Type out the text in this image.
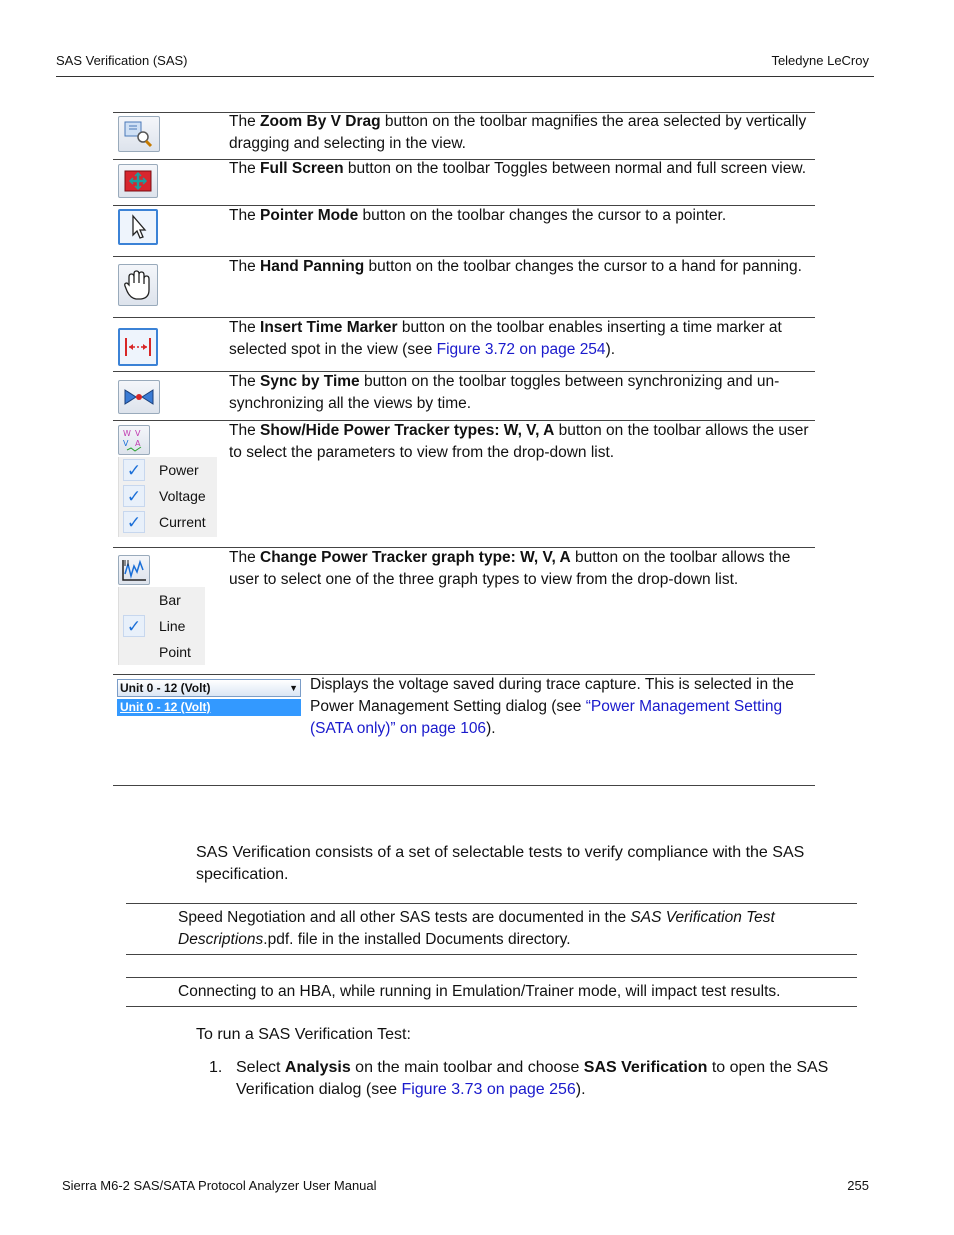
SAS Verification (SAS)	Teledyne LeCroy
The Zoom By V Drag button on the toolbar magnifies the area selected by vertically dragging and selecting in the view.
The Full Screen button on the toolbar Toggles between normal and full screen view.
The Pointer Mode button on the toolbar changes the cursor to a pointer.
The Hand Panning button on the toolbar changes the cursor to a hand for panning.
The Insert Time Marker button on the toolbar enables inserting a time marker at selected spot in the view (see Figure 3.72 on page 254).
The Sync by Time button on the toolbar toggles between synchronizing and un-synchronizing all the views by time.
W V
V A
✓ Power
✓ Voltage
✓ Current
The Show/Hide Power Tracker types: W, V, A button on the toolbar allows the user to select the parameters to view from the drop-down list.
Bar
✓ Line
Point
The Change Power Tracker graph type: W, V, A button on the toolbar allows the user to select one of the three graph types to view from the drop-down list.
Unit 0 - 12 (Volt)	▼
Unit 0 - 12 (Volt)
Displays the voltage saved during trace capture. This is selected in the Power Management Setting dialog (see “Power Management Setting (SATA only)” on page 106).
SAS Verification consists of a set of selectable tests to verify compliance with the SAS specification.
Speed Negotiation and all other SAS tests are documented in the SAS Verification Test Descriptions.pdf. file in the installed Documents directory.
Connecting to an HBA, while running in Emulation/Trainer mode, will impact test results.
To run a SAS Verification Test:
1. Select Analysis on the main toolbar and choose SAS Verification to open the SAS Verification dialog (see Figure 3.73 on page 256).
Sierra M6-2 SAS/SATA Protocol Analyzer User Manual	255
